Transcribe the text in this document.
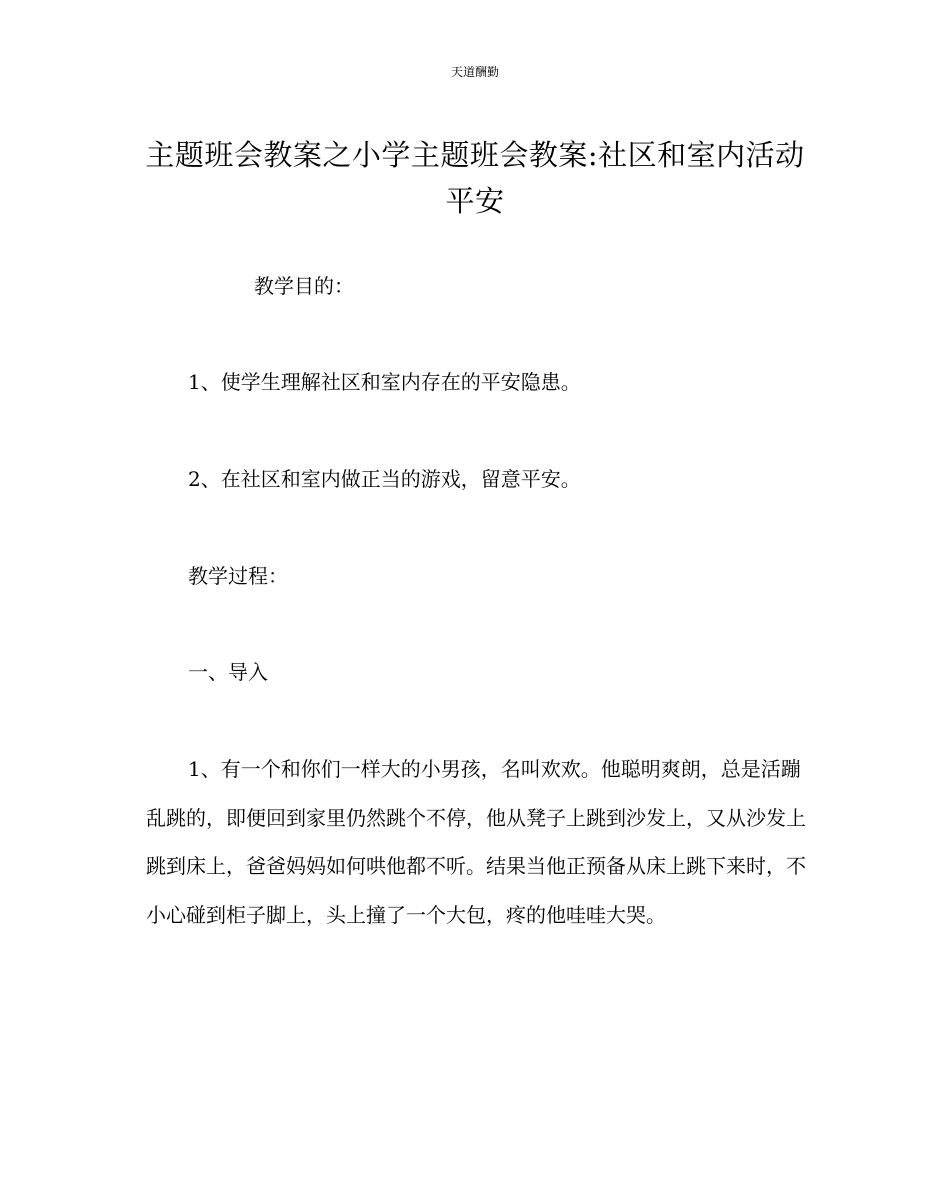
天道酬勤
主题班会教案之小学主题班会教案:社区和室内活动平安
教学目的：
1、使学生理解社区和室内存在的平安隐患。
2、在社区和室内做正当的游戏，留意平安。
教学过程：
一、导入
1、有一个和你们一样大的小男孩，名叫欢欢。他聪明爽朗，总是活蹦乱跳的，即便回到家里仍然跳个不停，他从凳子上跳到沙发上，又从沙发上跳到床上，爸爸妈妈如何哄他都不听。结果当他正预备从床上跳下来时，不小心碰到柜子脚上，头上撞了一个大包，疼的他哇哇大哭。
